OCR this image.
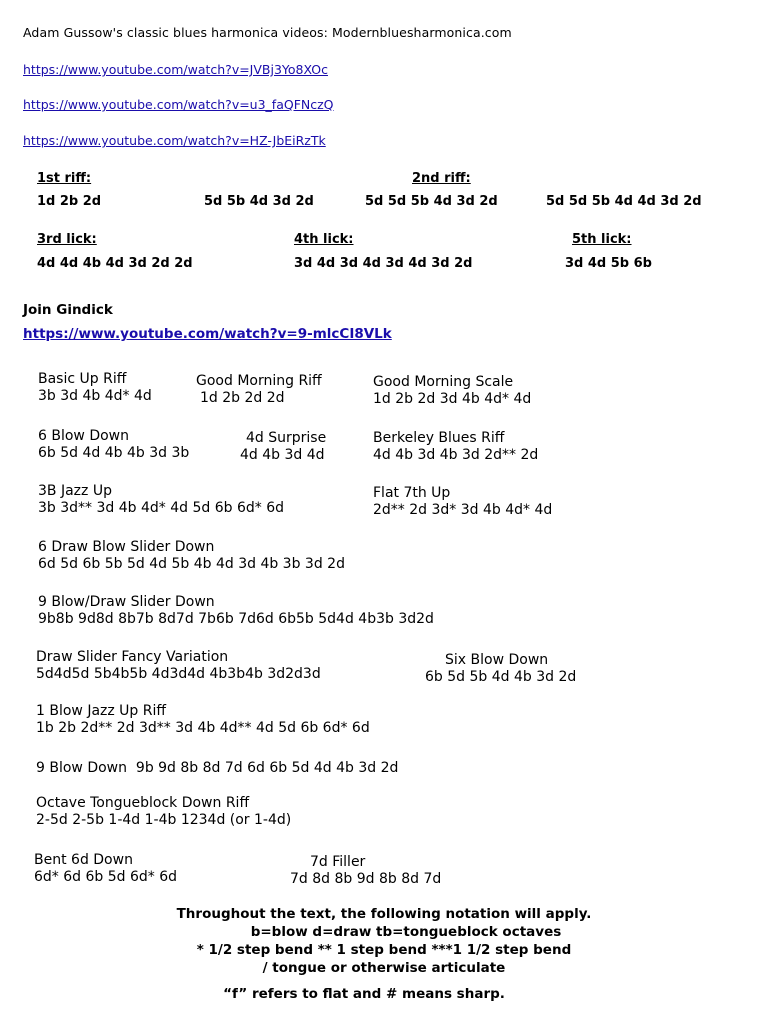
Adam Gussow's classic blues harmonica videos: Modernbluesharmonica.com
https://www.youtube.com/watch?v=JVBj3Yo8XOc
https://www.youtube.com/watch?v=u3_faQFNczQ
https://www.youtube.com/watch?v=HZ-JbEiRzTk
1st riff:
1d 2b 2d	5d 5b 4d 3d 2d
2nd riff:
5d 5d 5b 4d 3d 2d	5d 5d 5b 4d 4d 3d 2d
3rd lick:
4d 4d 4b 4d 3d 2d 2d
4th lick:
3d 4d 3d 4d 3d 4d 3d 2d
5th lick:
3d 4d 5b 6b
Join Gindick
https://www.youtube.com/watch?v=9-mlcCI8VLk
Basic Up Riff
3b 3d 4b 4d* 4d
Good Morning Riff
1d 2b 2d 2d
Good Morning Scale
1d 2b 2d 3d 4b 4d* 4d
6 Blow Down
6b 5d 4d 4b 4b 3d 3b
4d Surprise
4d 4b 3d 4d
Berkeley Blues Riff
4d 4b 3d 4b 3d 2d** 2d
3B Jazz Up
3b 3d** 3d 4b 4d* 4d 5d 6b 6d* 6d
Flat 7th Up
2d** 2d 3d* 3d 4b 4d* 4d
6 Draw Blow Slider Down
6d 5d 6b 5b 5d 4d 5b 4b 4d 3d 4b 3b 3d 2d
9 Blow/Draw Slider Down
9b8b 9d8d 8b7b 8d7d 7b6b 7d6d 6b5b 5d4d 4b3b 3d2d
Draw Slider Fancy Variation
5d4d5d 5b4b5b 4d3d4d 4b3b4b 3d2d3d
Six Blow Down
6b 5d 5b 4d 4b 3d 2d
1 Blow Jazz Up Riff
1b 2b 2d** 2d 3d** 3d 4b 4d** 4d 5d 6b 6d* 6d
9 Blow Down 9b 9d 8b 8d 7d 6d 6b 5d 4d 4b 3d 2d
Octave Tongueblock Down Riff
2-5d 2-5b 1-4d 1-4b 1234d (or 1-4d)
Bent 6d Down
6d* 6d 6b 5d 6d* 6d
7d Filler
7d 8d 8b 9d 8b 8d 7d
Throughout the text, the following notation will apply.
b=blow d=draw tb=tongueblock octaves
* 1/2 step bend ** 1 step bend ***1 1/2 step bend
/ tongue or otherwise articulate
“f” refers to flat and # means sharp.
